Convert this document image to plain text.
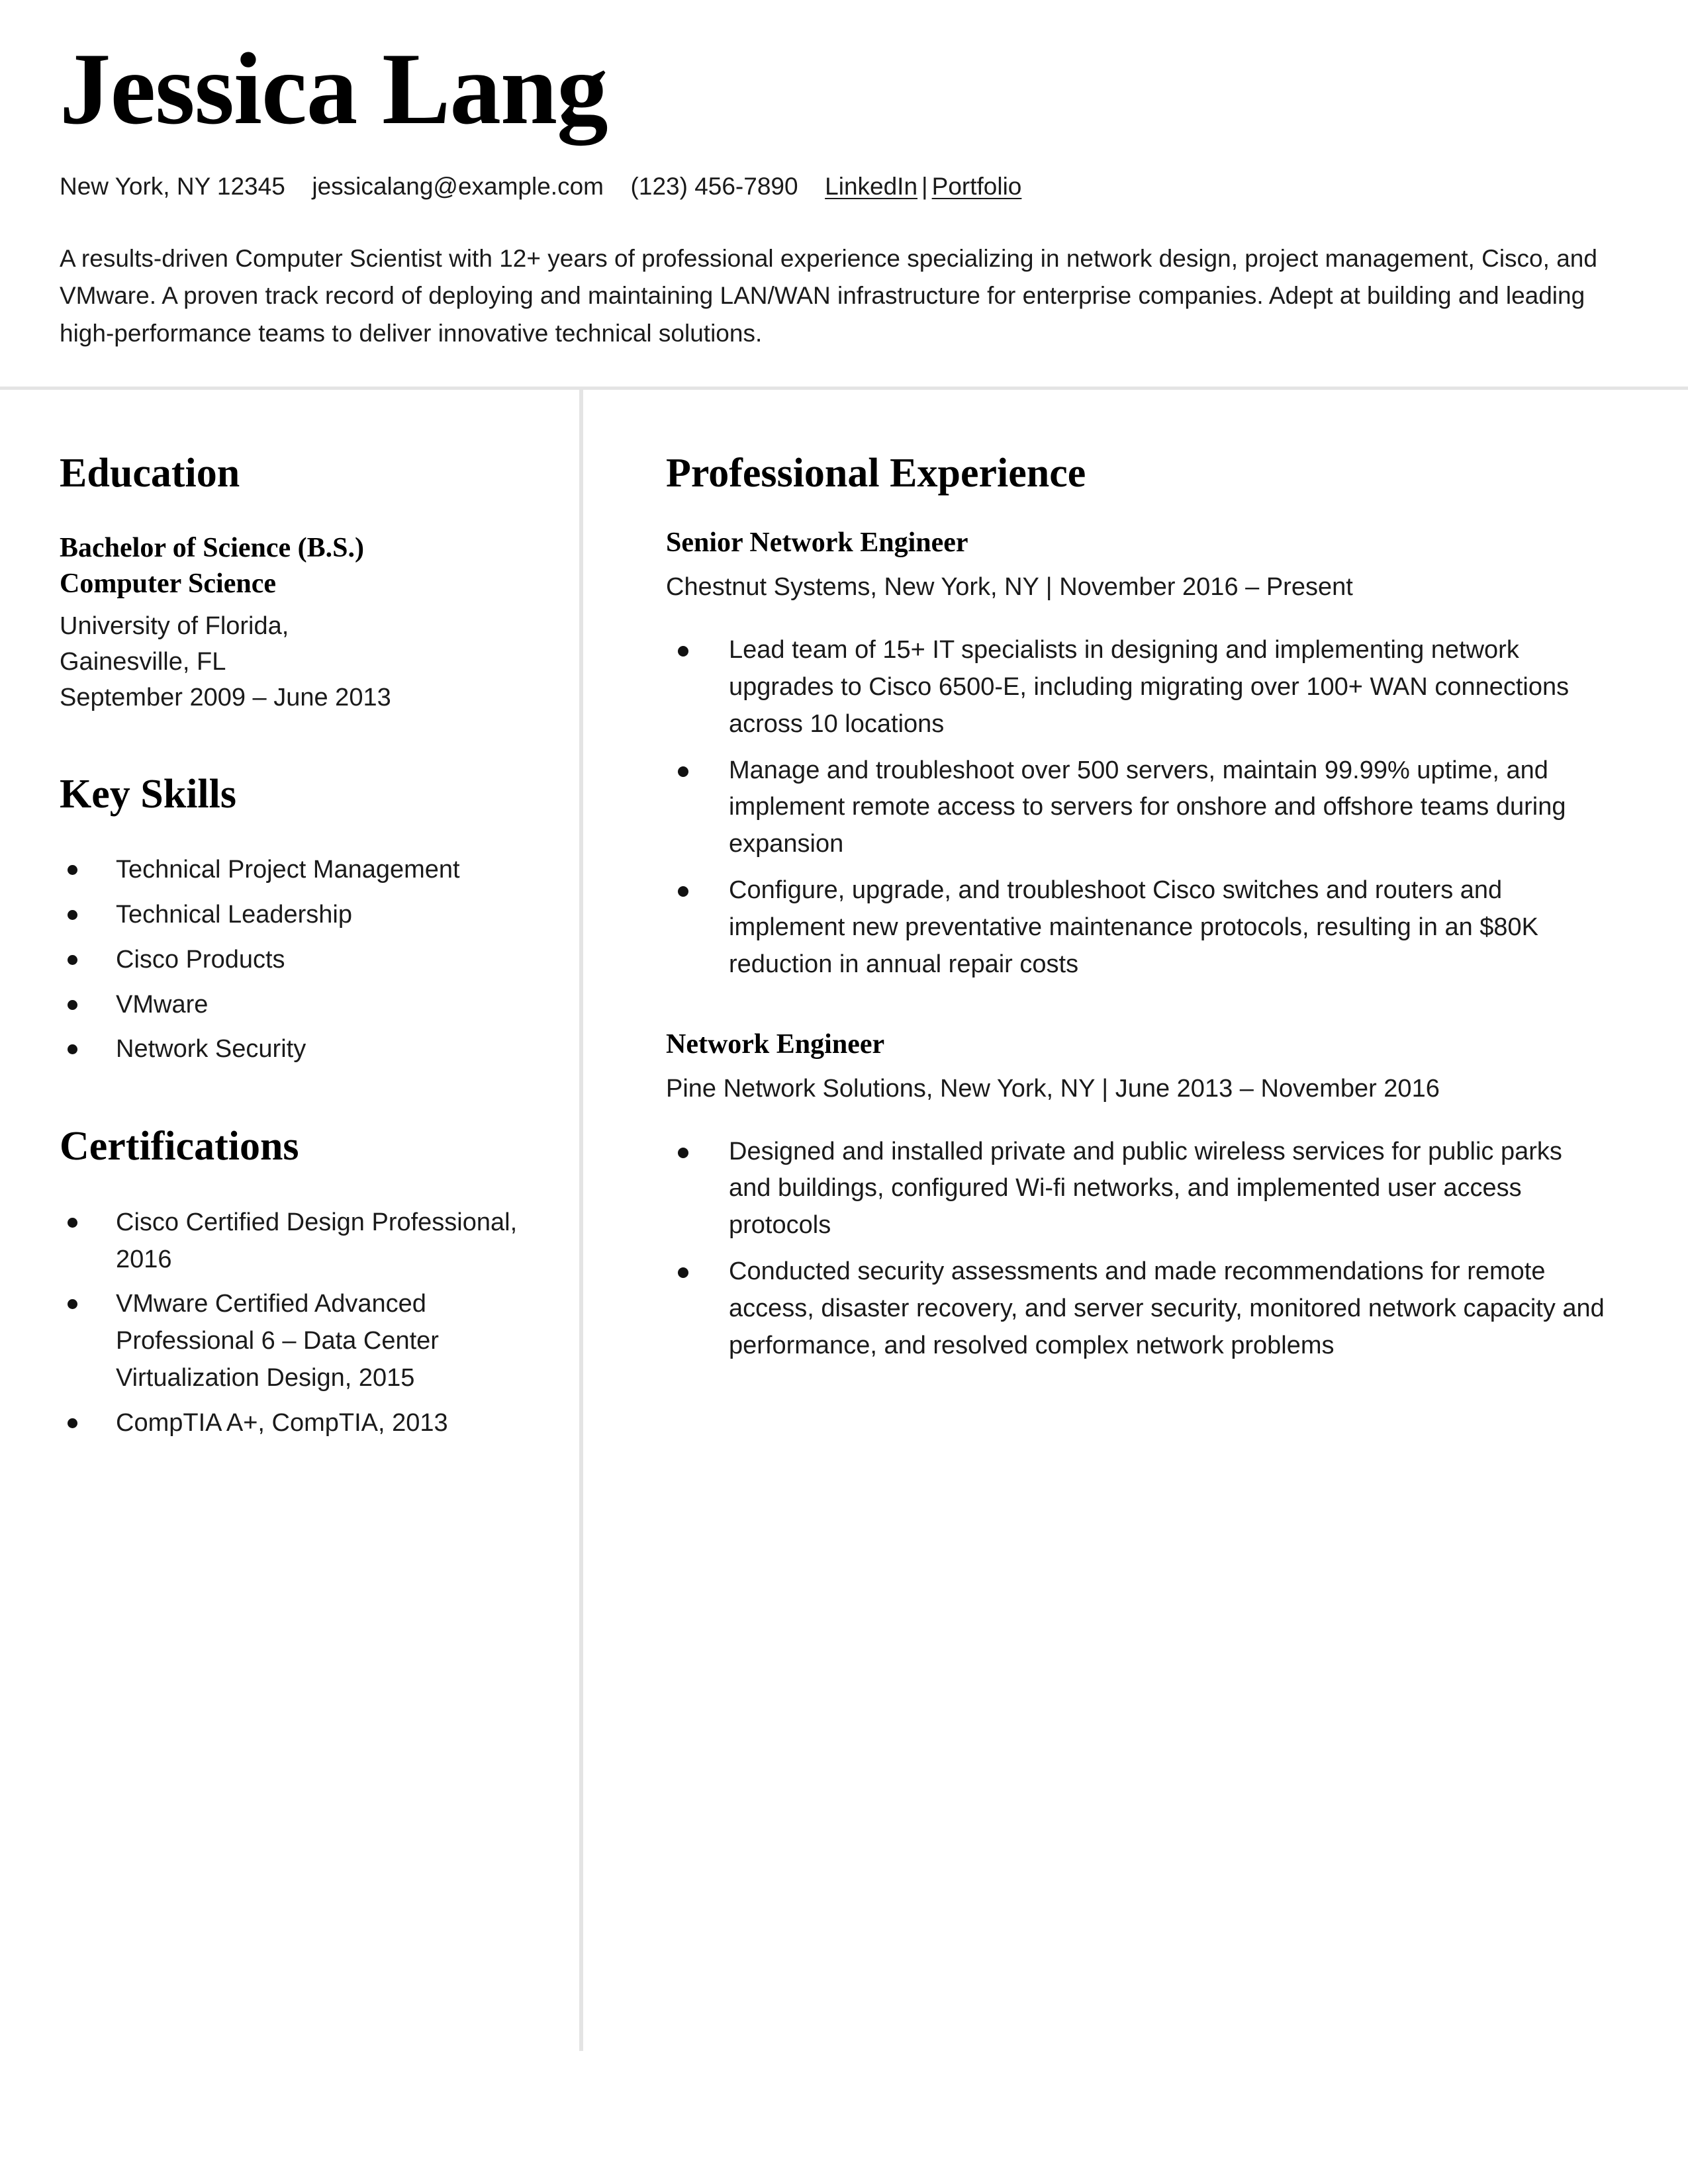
Jessica Lang
New York, NY 12345 jessicalang@example.com (123) 456-7890 LinkedIn | Portfolio

A results-driven Computer Scientist with 12+ years of professional experience specializing in network design, project management, Cisco, and VMware. A proven track record of deploying and maintaining LAN/WAN infrastructure for enterprise companies. Adept at building and leading high-performance teams to deliver innovative technical solutions.

Education
Bachelor of Science (B.S.)
Computer Science

University of Florida,
Gainesville, FL
September 2009 – June 2013

Key Skills
Technical Project Management
Technical Leadership
Cisco Products
VMware
Network Security
Certifications
Cisco Certified Design Professional, 2016
VMware Certified Advanced Professional 6 – Data Center Virtualization Design, 2015
CompTIA A+, CompTIA, 2013
Professional Experience
Senior Network Engineer
Chestnut Systems, New York, NY | November 2016 – Present
Lead team of 15+ IT specialists in designing and implementing network upgrades to Cisco 6500-E, including migrating over 100+ WAN connections across 10 locations
Manage and troubleshoot over 500 servers, maintain 99.99% uptime, and implement remote access to servers for onshore and offshore teams during expansion
Configure, upgrade, and troubleshoot Cisco switches and routers and implement new preventative maintenance protocols, resulting in an $80K reduction in annual repair costs
Network Engineer
Pine Network Solutions, New York, NY | June 2013 – November 2016
Designed and installed private and public wireless services for public parks and buildings, configured Wi-fi networks, and implemented user access protocols
Conducted security assessments and made recommendations for remote access, disaster recovery, and server security, monitored network capacity and performance, and resolved complex network problems
